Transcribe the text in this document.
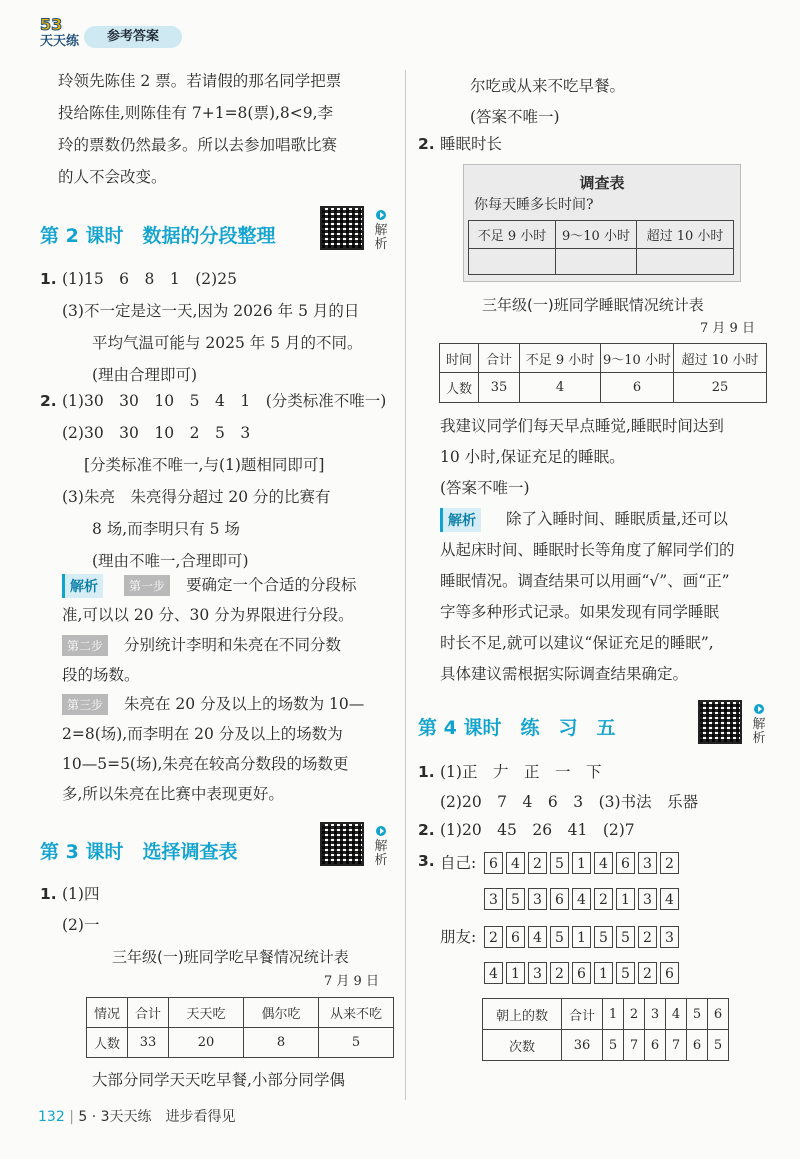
53
天天练	参考答案
玲领先陈佳 2 票。若请假的那名同学把票
投给陈佳,则陈佳有 7+1=8(票),8<9,李
玲的票数仍然最多。所以去参加唱歌比赛
的人不会改变。
第 2 课时　数据的分段整理	解析
1. (1)15　6　8　1　(2)25
(3)不一定是这一天,因为 2026 年 5 月的日
平均气温可能与 2025 年 5 月的不同。
(理由合理即可)
2. (1)30　30　10　5　4　1　(分类标准不唯一)
(2)30　30　10　2　5　3
[分类标准不唯一,与(1)题相同即可]
(3)朱亮　朱亮得分超过 20 分的比赛有
8 场,而李明只有 5 场
(理由不唯一,合理即可)
解析	第一步	要确定一个合适的分段标
准,可以以 20 分、30 分为界限进行分段。
第二步	分别统计李明和朱亮在不同分数
段的场数。
第三步	朱亮在 20 分及以上的场数为 10—
2=8(场),而李明在 20 分及以上的场数为
10—5=5(场),朱亮在较高分数段的场数更
多,所以朱亮在比赛中表现更好。
第 3 课时　选择调查表	解析
1. (1)四
(2)一
三年级(一)班同学吃早餐情况统计表
7 月 9 日
情况	合计	天天吃	偶尔吃	从来不吃
人数	33	20	8	5
大部分同学天天吃早餐,小部分同学偶
尔吃或从来不吃早餐。
(答案不唯一)
2. 睡眠时长
调查表
你每天睡多长时间?
不足 9 小时	9～10 小时	超过 10 小时

三年级(一)班同学睡眠情况统计表
7 月 9 日
时间	合计	不足 9 小时	9～10 小时	超过 10 小时
人数	35	4	6	25
我建议同学们每天早点睡觉,睡眠时间达到
10 小时,保证充足的睡眠。
(答案不唯一)
解析	除了入睡时间、睡眠质量,还可以
从起床时间、睡眠时长等角度了解同学们的
睡眠情况。调查结果可以用画“√”、画“正”
字等多种形式记录。如果发现有同学睡眠
时长不足,就可以建议“保证充足的睡眠”,
具体建议需根据实际调查结果确定。
第 4 课时　练　习　五	解析
1. (1)正　𠂇　正　一　下
(2)20　7　4　6　3　(3)书法　乐器
2. (1)20　45　26　41　(2)7
3. 自己: 6 4 2 5 1 4 6 3 2
3 5 3 6 4 2 1 3 4
朋友: 2 6 4 5 1 5 5 2 3
4 1 3 2 6 1 5 2 6
朝上的数	合计	1	2	3	4	5	6
次数	36	5	7	6	7	6	5
132 | 5 · 3天天练　进步看得见
